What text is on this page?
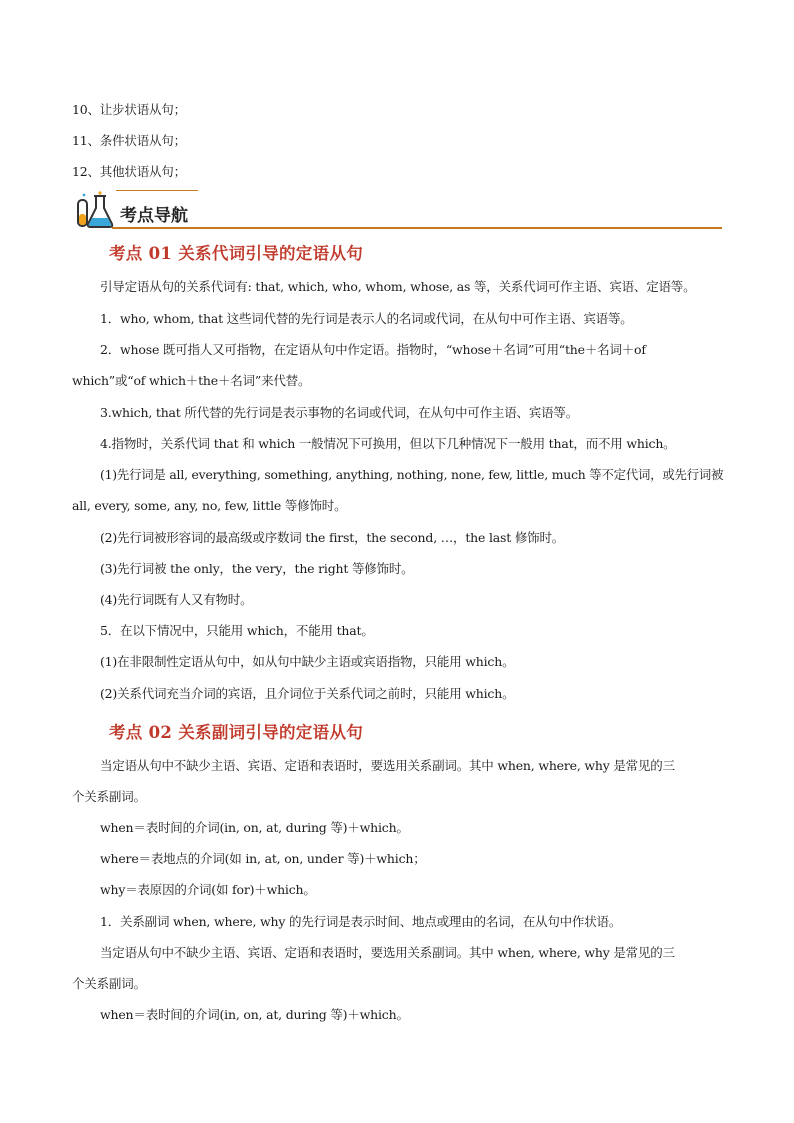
10、让步状语从句；
11、条件状语从句；
12、其他状语从句；
考点导航
考点 01 关系代词引导的定语从句
引导定语从句的关系代词有: that, which, who, whom, whose, as 等，关系代词可作主语、宾语、定语等。
1．who, whom, that 这些词代替的先行词是表示人的名词或代词，在从句中可作主语、宾语等。
2．whose 既可指人又可指物，在定语从句中作定语。指物时，“whose＋名词”可用“the＋名词＋of
which”或“of which＋the＋名词”来代替。
3.which, that 所代替的先行词是表示事物的名词或代词，在从句中可作主语、宾语等。
4.指物时，关系代词 that 和 which 一般情况下可换用，但以下几种情况下一般用 that，而不用 which。
(1)先行词是 all, everything, something, anything, nothing, none, few, little, much 等不定代词，或先行词被
all, every, some, any, no, few, little 等修饰时。
(2)先行词被形容词的最高级或序数词 the first，the second, …，the last 修饰时。
(3)先行词被 the only，the very，the right 等修饰时。
(4)先行词既有人又有物时。
5．在以下情况中，只能用 which，不能用 that。
(1)在非限制性定语从句中，如从句中缺少主语或宾语指物，只能用 which。
(2)关系代词充当介词的宾语，且介词位于关系代词之前时，只能用 which。
考点 02 关系副词引导的定语从句
当定语从句中不缺少主语、宾语、定语和表语时，要选用关系副词。其中 when, where, why 是常见的三
个关系副词。
when＝表时间的介词(in, on, at, during 等)＋which。
where＝表地点的介词(如 in, at, on, under 等)＋which；
why＝表原因的介词(如 for)＋which。
1．关系副词 when, where, why 的先行词是表示时间、地点或理由的名词，在从句中作状语。
当定语从句中不缺少主语、宾语、定语和表语时，要选用关系副词。其中 when, where, why 是常见的三
个关系副词。
when＝表时间的介词(in, on, at, during 等)＋which。
